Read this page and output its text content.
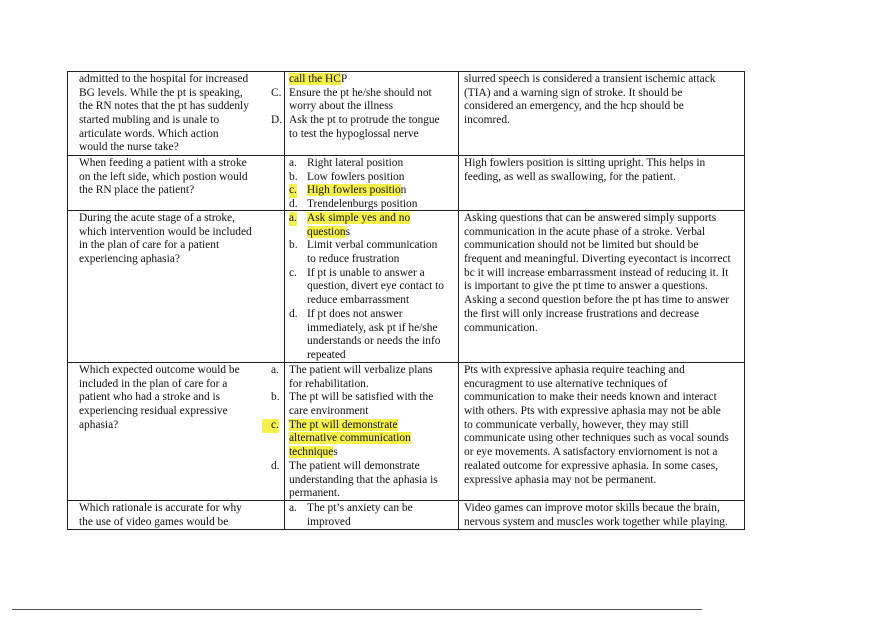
admitted to the hospital for increased
BG levels. While the pt is speaking,
the RN notes that the pt has suddenly
started mubling and is unale to
articulate words. Which action
would the nurse take?
call the HCP
C. Ensure the pt he/she should not
worry about the illness
D. Ask the pt to protrude the tongue
to test the hypoglossal nerve
slurred speech is considered a transient ischemic attack
(TIA) and a warning sign of stroke. It should be
considered an emergency, and the hcp should be
incomred.
When feeding a patient with a stroke
on the left side, which postion would
the RN place the patient?
a. Right lateral position
b. Low fowlers position
c. High fowlers position
d. Trendelenburgs position
High fowlers position is sitting upright. This helps in
feeding, as well as swallowing, for the patient.
During the acute stage of a stroke,
which intervention would be included
in the plan of care for a patient
experiencing aphasia?
a. Ask simple yes and no
questions
b. Limit verbal communication
to reduce frustration
c. If pt is unable to answer a
question, divert eye contact to
reduce embarrassment
d. If pt does not answer
immediately, ask pt if he/she
understands or needs the info
repeated
Asking questions that can be answered simply supports
communication in the acute phase of a stroke. Verbal
communication should not be limited but should be
frequent and meaningful. Diverting eyecontact is incorrect
bc it will increase embarrassment instead of reducing it. It
is important to give the pt time to answer a questions.
Asking a second question before the pt has time to answer
the first will only increase frustrations and decrease
communication.
Which expected outcome would be
included in the plan of care for a
patient who had a stroke and is
experiencing residual expressive
aphasia?
a. The patient will verbalize plans
for rehabilitation.
b. The pt will be satisfied with the
care environment
c. The pt will demonstrate
alternative communication
techniques
d. The patient will demonstrate
understanding that the aphasia is
permanent.
Pts with expressive aphasia require teaching and
encuragment to use alternative techniques of
communication to make their needs known and interact
with others. Pts with expressive aphasia may not be able
to communicate verbally, however, they may still
communicate using other techniques such as vocal sounds
or eye movements. A satisfactory enviornoment is not a
realated outcome for expressive aphasia. In some cases,
expressive aphasia may not be permanent.
Which rationale is accurate for why
the use of video games would be
a. The pt’s anxiety can be
improved
Video games can improve motor skills becaue the brain,
nervous system and muscles work together while playing.
